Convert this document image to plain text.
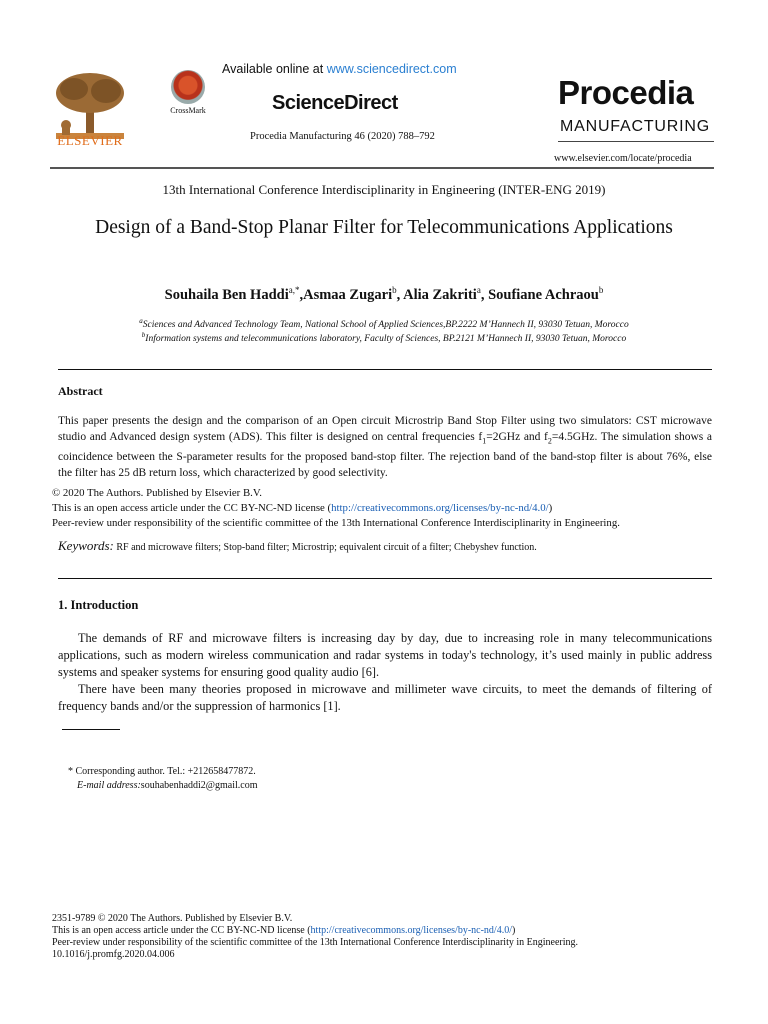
ELSEVIER
CrossMark
Available online at www.sciencedirect.com
ScienceDirect
Procedia Manufacturing 46 (2020) 788–792
Procedia
MANUFACTURING
www.elsevier.com/locate/procedia
13th International Conference Interdisciplinarity in Engineering (INTER-ENG 2019)
Design of a Band-Stop Planar Filter for Telecommunications Applications
Souhaila Ben Haddi$^{a,*}$,Asmaa Zugari$^b$, Alia Zakriti$^a$, Soufiane Achraou$^b$
$^a$Sciences and Advanced Technology Team, National School of Applied Sciences,BP.2222 M’Hannech II, 93030 Tetuan, Morocco
$^b$Information systems and telecommunications laboratory, Faculty of Sciences, BP.2121 M’Hannech II, 93030 Tetuan, Morocco
Abstract
This paper presents the design and the comparison of an Open circuit Microstrip Band Stop Filter using two simulators: CST microwave studio and Advanced design system (ADS). This filter is designed on central frequencies $f_1=2GHz$ and $f_2=4.5GHz$. The simulation shows a coincidence between the S-parameter results for the proposed band-stop filter. The rejection band of the band-stop filter is about 76%, else the filter has 25 dB return loss, which characterized by good selectivity.
© 2020 The Authors. Published by Elsevier B.V.
This is an open access article under the CC BY-NC-ND license (http://creativecommons.org/licenses/by-nc-nd/4.0/)
Peer-review under responsibility of the scientific committee of the 13th International Conference Interdisciplinarity in Engineering.
Keywords: RF and microwave filters; Stop-band filter; Microstrip; equivalent circuit of a filter; Chebyshev function.
1. Introduction

The demands of RF and microwave filters is increasing day by day, due to increasing role in many telecommunications applications, such as modern wireless communication and radar systems in today's technology, it’s used mainly in public address systems and speaker systems for ensuring good quality audio [6].

There have been many theories proposed in microwave and millimeter wave circuits, to meet the demands of filtering of frequency bands and/or the suppression of harmonics [1].

* Corresponding author. Tel.: +212658477872.
E-mail address:souhabenhaddi2@gmail.com
2351-9789 © 2020 The Authors. Published by Elsevier B.V.
This is an open access article under the CC BY-NC-ND license (http://creativecommons.org/licenses/by-nc-nd/4.0/)
Peer-review under responsibility of the scientific committee of the 13th International Conference Interdisciplinarity in Engineering.
10.1016/j.promfg.2020.04.006
